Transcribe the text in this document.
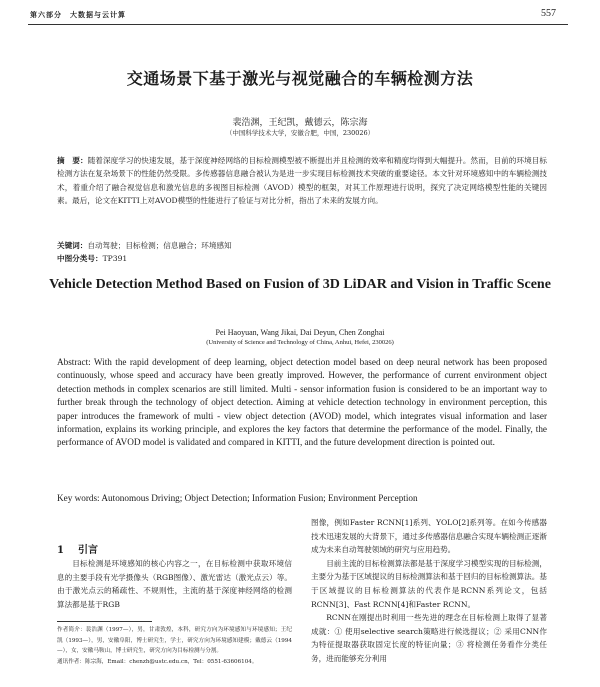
第六部分　大数据与云计算	557
交通场景下基于激光与视觉融合的车辆检测方法
裴浩渊，王纪凯，戴德云，陈宗海
（中国科学技术大学，安徽合肥，中国，230026）
摘　要：随着深度学习的快速发展，基于深度神经网络的目标检测模型被不断提出并且检测的效率和精度均得到大幅提升。然而，目前的环境目标检测方法在复杂场景下的性能仍然受限。多传感器信息融合被认为是进一步实现目标检测技术突破的重要途径。本文针对环境感知中的车辆检测技术，着重介绍了融合视觉信息和激光信息的多视图目标检测（AVOD）模型的框架，对其工作原理进行说明，探究了决定网络模型性能的关键因素。最后，论文在KITTI上对AVOD模型的性能进行了验证与对比分析，指出了未来的发展方向。
关键词：自动驾驶；目标检测；信息融合；环境感知
中图分类号：TP391
Vehicle Detection Method Based on Fusion of 3D LiDAR and Vision in Traffic Scene
Pei Haoyuan, Wang Jikai, Dai Deyun, Chen Zonghai
(University of Science and Technology of China, Anhui, Hefei, 230026)
Abstract: With the rapid development of deep learning, object detection model based on deep neural network has been proposed continuously, whose speed and accuracy have been greatly improved. However, the performance of current environment object detection methods in complex scenarios are still limited. Multi - sensor information fusion is considered to be an important way to further break through the technology of object detection. Aiming at vehicle detection technology in environment perception, this paper introduces the framework of multi - view object detection (AVOD) model, which integrates visual information and laser information, explains its working principle, and explores the key factors that determine the performance of the model. Finally, the performance of AVOD model is validated and compared in KITTI, and the future development direction is pointed out.
Key words: Autonomous Driving; Object Detection; Information Fusion; Environment Perception
1 引言

目标检测是环境感知的核心内容之一，在目标检测中获取环境信息的主要手段有光学摄像头（RGB图像）、激光雷达（激光点云）等。由于激光点云的稀疏性、不规则性，主流的基于深度神经网络的检测算法都是基于RGB

作者简介：裴浩渊（1997—），男，甘肃敦煌，本科，研究方向为环境感知与环境感知；王纪凯（1993—），男，安徽阜阳，博士研究生，学士，研究方向为环境感知建模；戴德云（1994—），女，安徽马鞍山，博士研究生，研究方向为目标检测与分割。

通讯作者：陈宗海，Email：chenzh@ustc.edu.cn，Tel：0551-63606104。

图像，例如Faster RCNN[1]系列、YOLO[2]系列等。在如今传感器技术迅速发展的大背景下，通过多传感器信息融合实现车辆检测正逐渐成为未来自动驾驶领域的研究与应用趋势。

目前主流的目标检测算法都是基于深度学习模型实现的目标检测，主要分为基于区域提议的目标检测算法和基于回归的目标检测算法。基于区域提议的目标检测算法的代表作是RCNN系列论文，包括RCNN[3]、Fast RCNN[4]和Faster RCNN。

RCNN在刚提出时利用一些先进的理念在目标检测上取得了显著成就：① 使用selective search策略进行候选提议；② 采用CNN作为特征提取器获取固定长度的特征向量；③ 将检测任务看作分类任务，进而能够充分利用
